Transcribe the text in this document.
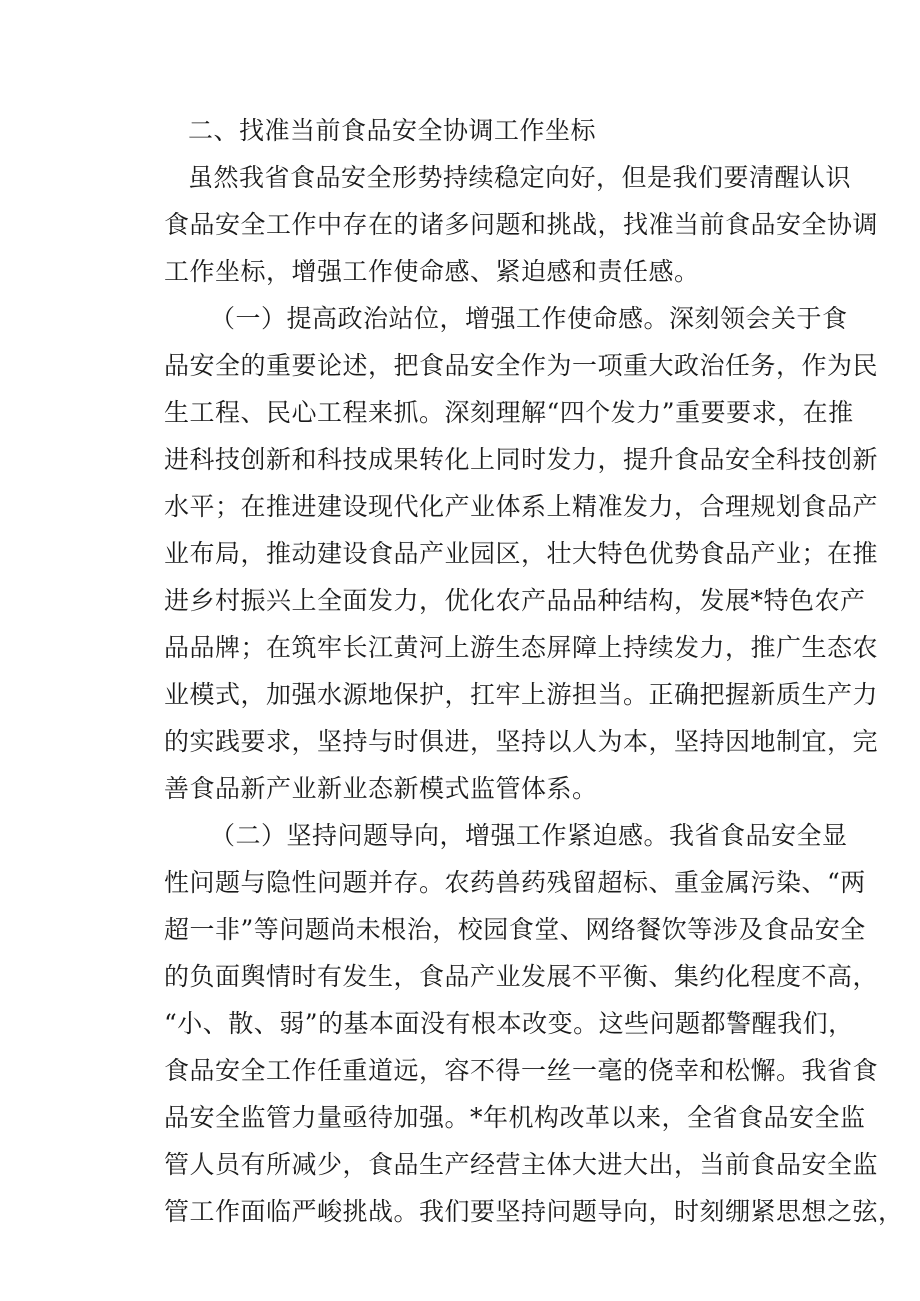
二、找准当前食品安全协调工作坐标
虽然我省食品安全形势持续稳定向好，但是我们要清醒认识
食品安全工作中存在的诸多问题和挑战，找准当前食品安全协调
工作坐标，增强工作使命感、紧迫感和责任感。
（一）提高政治站位，增强工作使命感。深刻领会关于食
品安全的重要论述，把食品安全作为一项重大政治任务，作为民
生工程、民心工程来抓。深刻理解“四个发力”重要要求，在推
进科技创新和科技成果转化上同时发力，提升食品安全科技创新
水平；在推进建设现代化产业体系上精准发力，合理规划食品产
业布局，推动建设食品产业园区，壮大特色优势食品产业；在推
进乡村振兴上全面发力，优化农产品品种结构，发展*特色农产
品品牌；在筑牢长江黄河上游生态屏障上持续发力，推广生态农
业模式，加强水源地保护，扛牢上游担当。正确把握新质生产力
的实践要求，坚持与时俱进，坚持以人为本，坚持因地制宜，完
善食品新产业新业态新模式监管体系。
（二）坚持问题导向，增强工作紧迫感。我省食品安全显
性问题与隐性问题并存。农药兽药残留超标、重金属污染、“两
超一非”等问题尚未根治，校园食堂、网络餐饮等涉及食品安全
的负面舆情时有发生，食品产业发展不平衡、集约化程度不高，
“小、散、弱”的基本面没有根本改变。这些问题都警醒我们，
食品安全工作任重道远，容不得一丝一毫的侥幸和松懈。我省食
品安全监管力量亟待加强。*年机构改革以来，全省食品安全监
管人员有所减少，食品生产经营主体大进大出，当前食品安全监
管工作面临严峻挑战。我们要坚持问题导向，时刻绷紧思想之弦，
